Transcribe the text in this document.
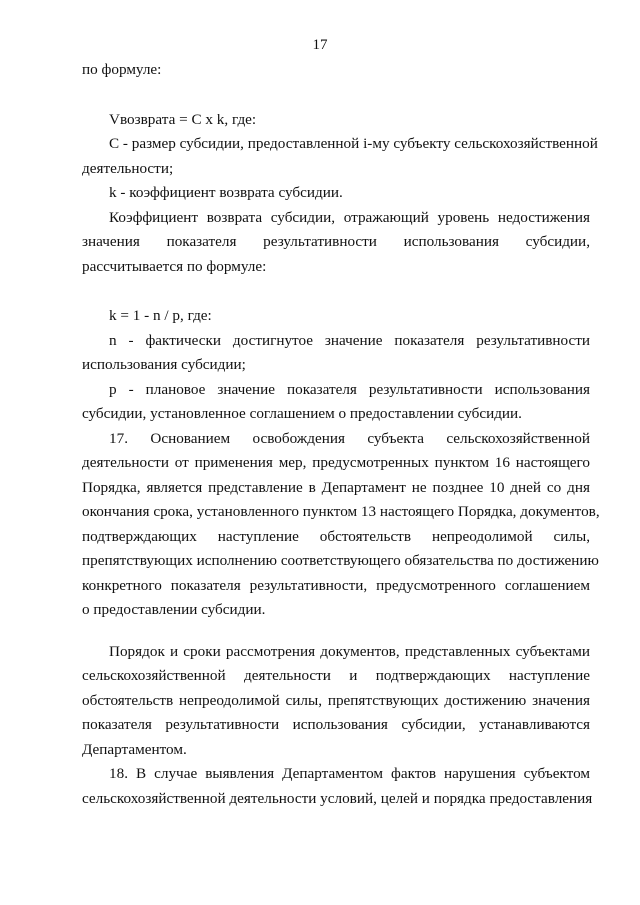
17
по формуле:
Vвозврата = C x k, где:
C - размер субсидии, предоставленной i-му субъекту сельскохозяйственной
деятельности;
k - коэффициент возврата субсидии.
Коэффициент возврата субсидии, отражающий уровень недостижения
значения показателя результативности использования субсидии,
рассчитывается по формуле:
k = 1 - n / p, где:
n - фактически достигнутое значение показателя результативности
использования субсидии;
p - плановое значение показателя результативности использования
субсидии, установленное соглашением о предоставлении субсидии.
17. Основанием освобождения субъекта сельскохозяйственной
деятельности от применения мер, предусмотренных пунктом 16 настоящего
Порядка, является представление в Департамент не позднее 10 дней со дня
окончания срока, установленного пунктом 13 настоящего Порядка, документов,
подтверждающих наступление обстоятельств непреодолимой силы,
препятствующих исполнению соответствующего обязательства по достижению
конкретного показателя результативности, предусмотренного соглашением
о предоставлении субсидии.
Порядок и сроки рассмотрения документов, представленных субъектами
сельскохозяйственной деятельности и подтверждающих наступление
обстоятельств непреодолимой силы, препятствующих достижению значения
показателя результативности использования субсидии, устанавливаются
Департаментом.
18. В случае выявления Департаментом фактов нарушения субъектом
сельскохозяйственной деятельности условий, целей и порядка предоставления
